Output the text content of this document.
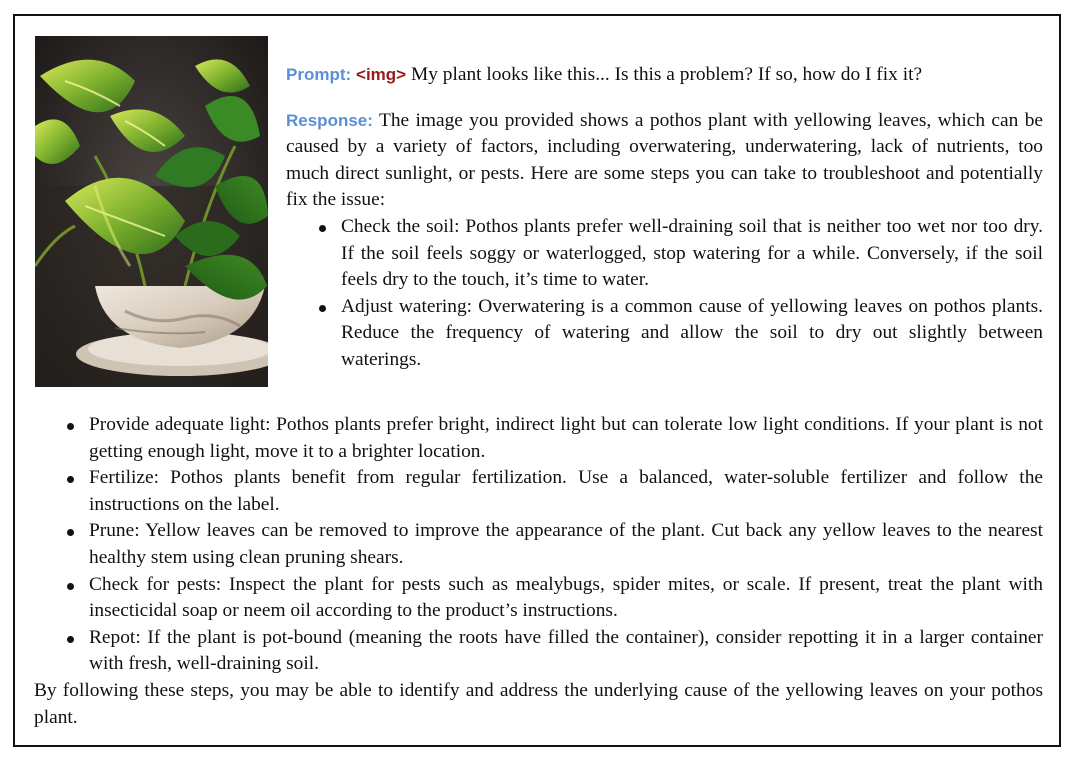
Prompt: <img> My plant looks like this... Is this a problem? If so, how do I fix it?

Response: The image you provided shows a pothos plant with yellowing leaves, which can be caused by a variety of factors, including overwatering, underwatering, lack of nutrients, too much direct sunlight, or pests. Here are some steps you can take to troubleshoot and potentially fix the issue:

Check the soil: Pothos plants prefer well-draining soil that is neither too wet nor too dry. If the soil feels soggy or waterlogged, stop watering for a while. Conversely, if the soil feels dry to the touch, it’s time to water.
Adjust watering: Overwatering is a common cause of yellowing leaves on pothos plants. Reduce the frequency of watering and allow the soil to dry out slightly between waterings.
Provide adequate light: Pothos plants prefer bright, indirect light but can tolerate low light conditions. If your plant is not getting enough light, move it to a brighter location.
Fertilize: Pothos plants benefit from regular fertilization. Use a balanced, water-soluble fertilizer and follow the instructions on the label.
Prune: Yellow leaves can be removed to improve the appearance of the plant. Cut back any yellow leaves to the nearest healthy stem using clean pruning shears.
Check for pests: Inspect the plant for pests such as mealybugs, spider mites, or scale. If present, treat the plant with insecticidal soap or neem oil according to the product’s instructions.
Repot: If the plant is pot-bound (meaning the roots have filled the container), consider repotting it in a larger container with fresh, well-draining soil.

By following these steps, you may be able to identify and address the underlying cause of the yellowing leaves on your pothos plant.
